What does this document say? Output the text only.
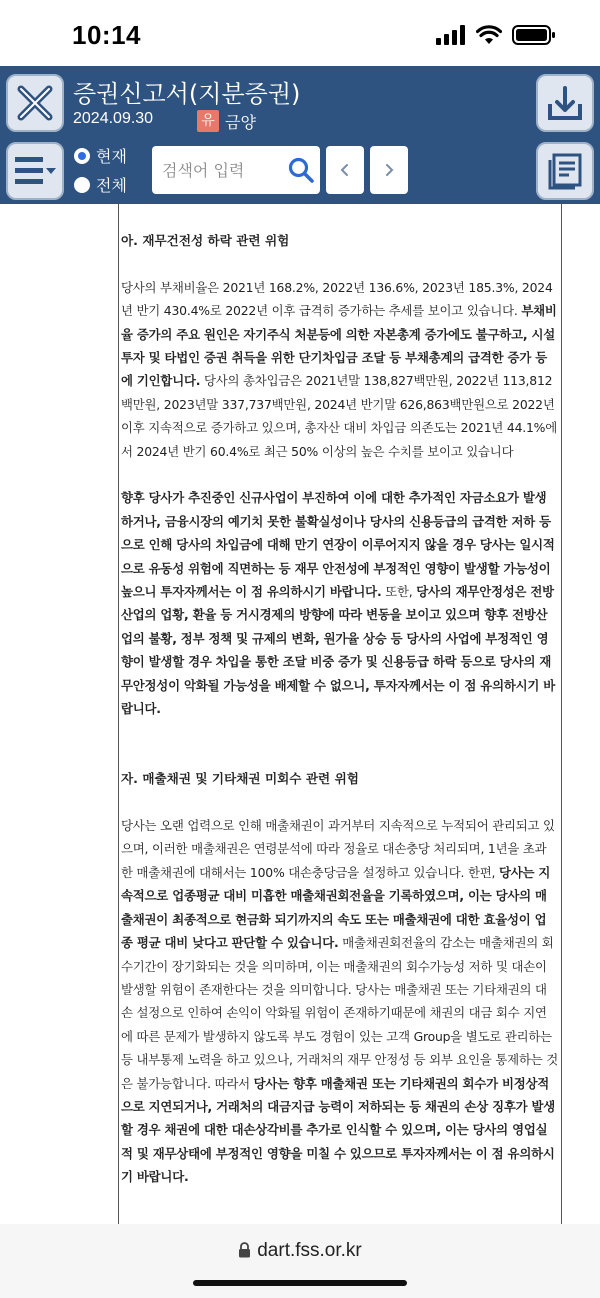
10:14
증권신고서(지분증권)
2024.09.30	유 금양
현재
전체
검색어 입력
아. 재무건전성 하락 관련 위험

당사의 부채비율은 2021년 168.2%, 2022년 136.6%, 2023년 185.3%, 2024년 반기 430.4%로 2022년 이후 급격히 증가하는 추세를 보이고 있습니다. 부채비율 증가의 주요 원인은 자기주식 처분등에 의한 자본총계 증가에도 불구하고, 시설투자 및 타법인 증권 취득을 위한 단기차입금 조달 등 부채총계의 급격한 증가 등에 기인합니다. 당사의 총차입금은 2021년말 138,827백만원, 2022년 113,812백만원, 2023년말 337,737백만원, 2024년 반기말 626,863백만원으로 2022년 이후 지속적으로 증가하고 있으며, 총자산 대비 차입금 의존도는 2021년 44.1%에서 2024년 반기 60.4%로 최근 50% 이상의 높은 수치를 보이고 있습니다

향후 당사가 추진중인 신규사업이 부진하여 이에 대한 추가적인 자금소요가 발생하거나, 금융시장의 예기치 못한 불확실성이나 당사의 신용등급의 급격한 저하 등으로 인해 당사의 차입금에 대해 만기 연장이 이루어지지 않을 경우 당사는 일시적으로 유동성 위험에 직면하는 등 재무 안전성에 부정적인 영향이 발생할 가능성이 높으니 투자자께서는 이 점 유의하시기 바랍니다. 또한, 당사의 재무안정성은 전방산업의 업황, 환율 등 거시경제의 방향에 따라 변동을 보이고 있으며 향후 전방산업의 불황, 정부 정책 및 규제의 변화, 원가율 상승 등 당사의 사업에 부정적인 영향이 발생할 경우 차입을 통한 조달 비중 증가 및 신용등급 하락 등으로 당사의 재무안정성이 악화될 가능성을 배제할 수 없으니, 투자자께서는 이 점 유의하시기 바랍니다.

자. 매출채권 및 기타채권 미회수 관련 위험

당사는 오랜 업력으로 인해 매출채권이 과거부터 지속적으로 누적되어 관리되고 있으며, 이러한 매출채권은 연령분석에 따라 정율로 대손충당 처리되며, 1년을 초과한 매출채권에 대해서는 100% 대손충당금을 설정하고 있습니다. 한편, 당사는 지속적으로 업종평균 대비 미흡한 매출채권회전율을 기록하였으며, 이는 당사의 매출채권이 최종적으로 현금화 되기까지의 속도 또는 매출채권에 대한 효율성이 업종 평균 대비 낮다고 판단할 수 있습니다. 매출채권회전율의 감소는 매출채권의 회수기간이 장기화되는 것을 의미하며, 이는 매출채권의 회수가능성 저하 및 대손이 발생할 위험이 존재한다는 것을 의미합니다. 당사는 매출채권 또는 기타채권의 대손 설정으로 인하여 손익이 악화될 위험이 존재하기때문에 채권의 대금 회수 지연에 따른 문제가 발생하지 않도록 부도 경험이 있는 고객 Group을 별도로 관리하는 등 내부통제 노력을 하고 있으나, 거래처의 재무 안정성 등 외부 요인을 통제하는 것은 불가능합니다. 따라서 당사는 향후 매출채권 또는 기타채권의 회수가 비정상적으로 지연되거나, 거래처의 대금지급 능력이 저하되는 등 채권의 손상 징후가 발생할 경우 채권에 대한 대손상각비를 추가로 인식할 수 있으며, 이는 당사의 영업실적 및 재무상태에 부정적인 영향을 미칠 수 있으므로 투자자께서는 이 점 유의하시기 바랍니다.

dart.fss.or.kr
